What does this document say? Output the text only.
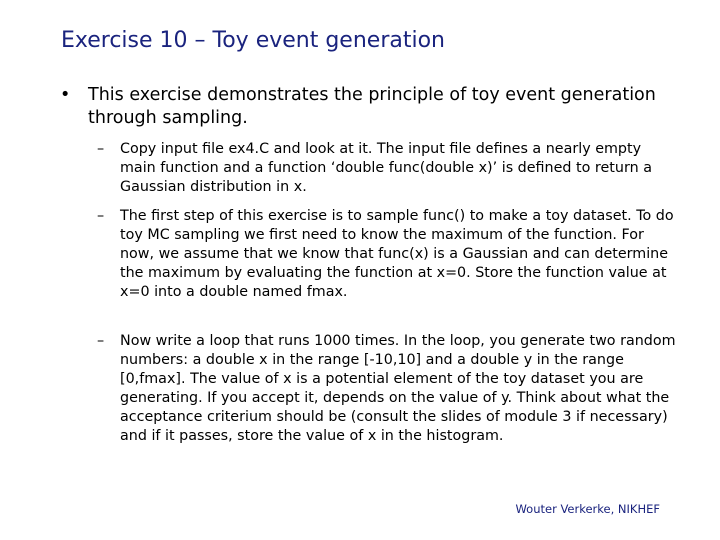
Exercise 10 – Toy event generation
•	This exercise demonstrates the principle of toy event generation through sampling.
–	Copy input file ex4.C and look at it. The input file defines a nearly empty main function and a function ‘double func(double x)’ is defined to return a Gaussian distribution in x.
–	The first step of this exercise is to sample func() to make a toy dataset. To do toy MC sampling we first need to know the maximum of the function. For now, we assume that we know that func(x) is a Gaussian and can determine the maximum by evaluating the function at x=0. Store the function value at x=0 into a double named fmax.
–	Now write a loop that runs 1000 times. In the loop, you generate two random numbers: a double x in the range [-10,10] and a double y in the range [0,fmax]. The value of x is a potential element of the toy dataset you are generating. If you accept it, depends on the value of y. Think about what the acceptance criterium should be (consult the slides of module 3 if necessary) and if it passes, store the value of x in the histogram.
Wouter Verkerke, NIKHEF
